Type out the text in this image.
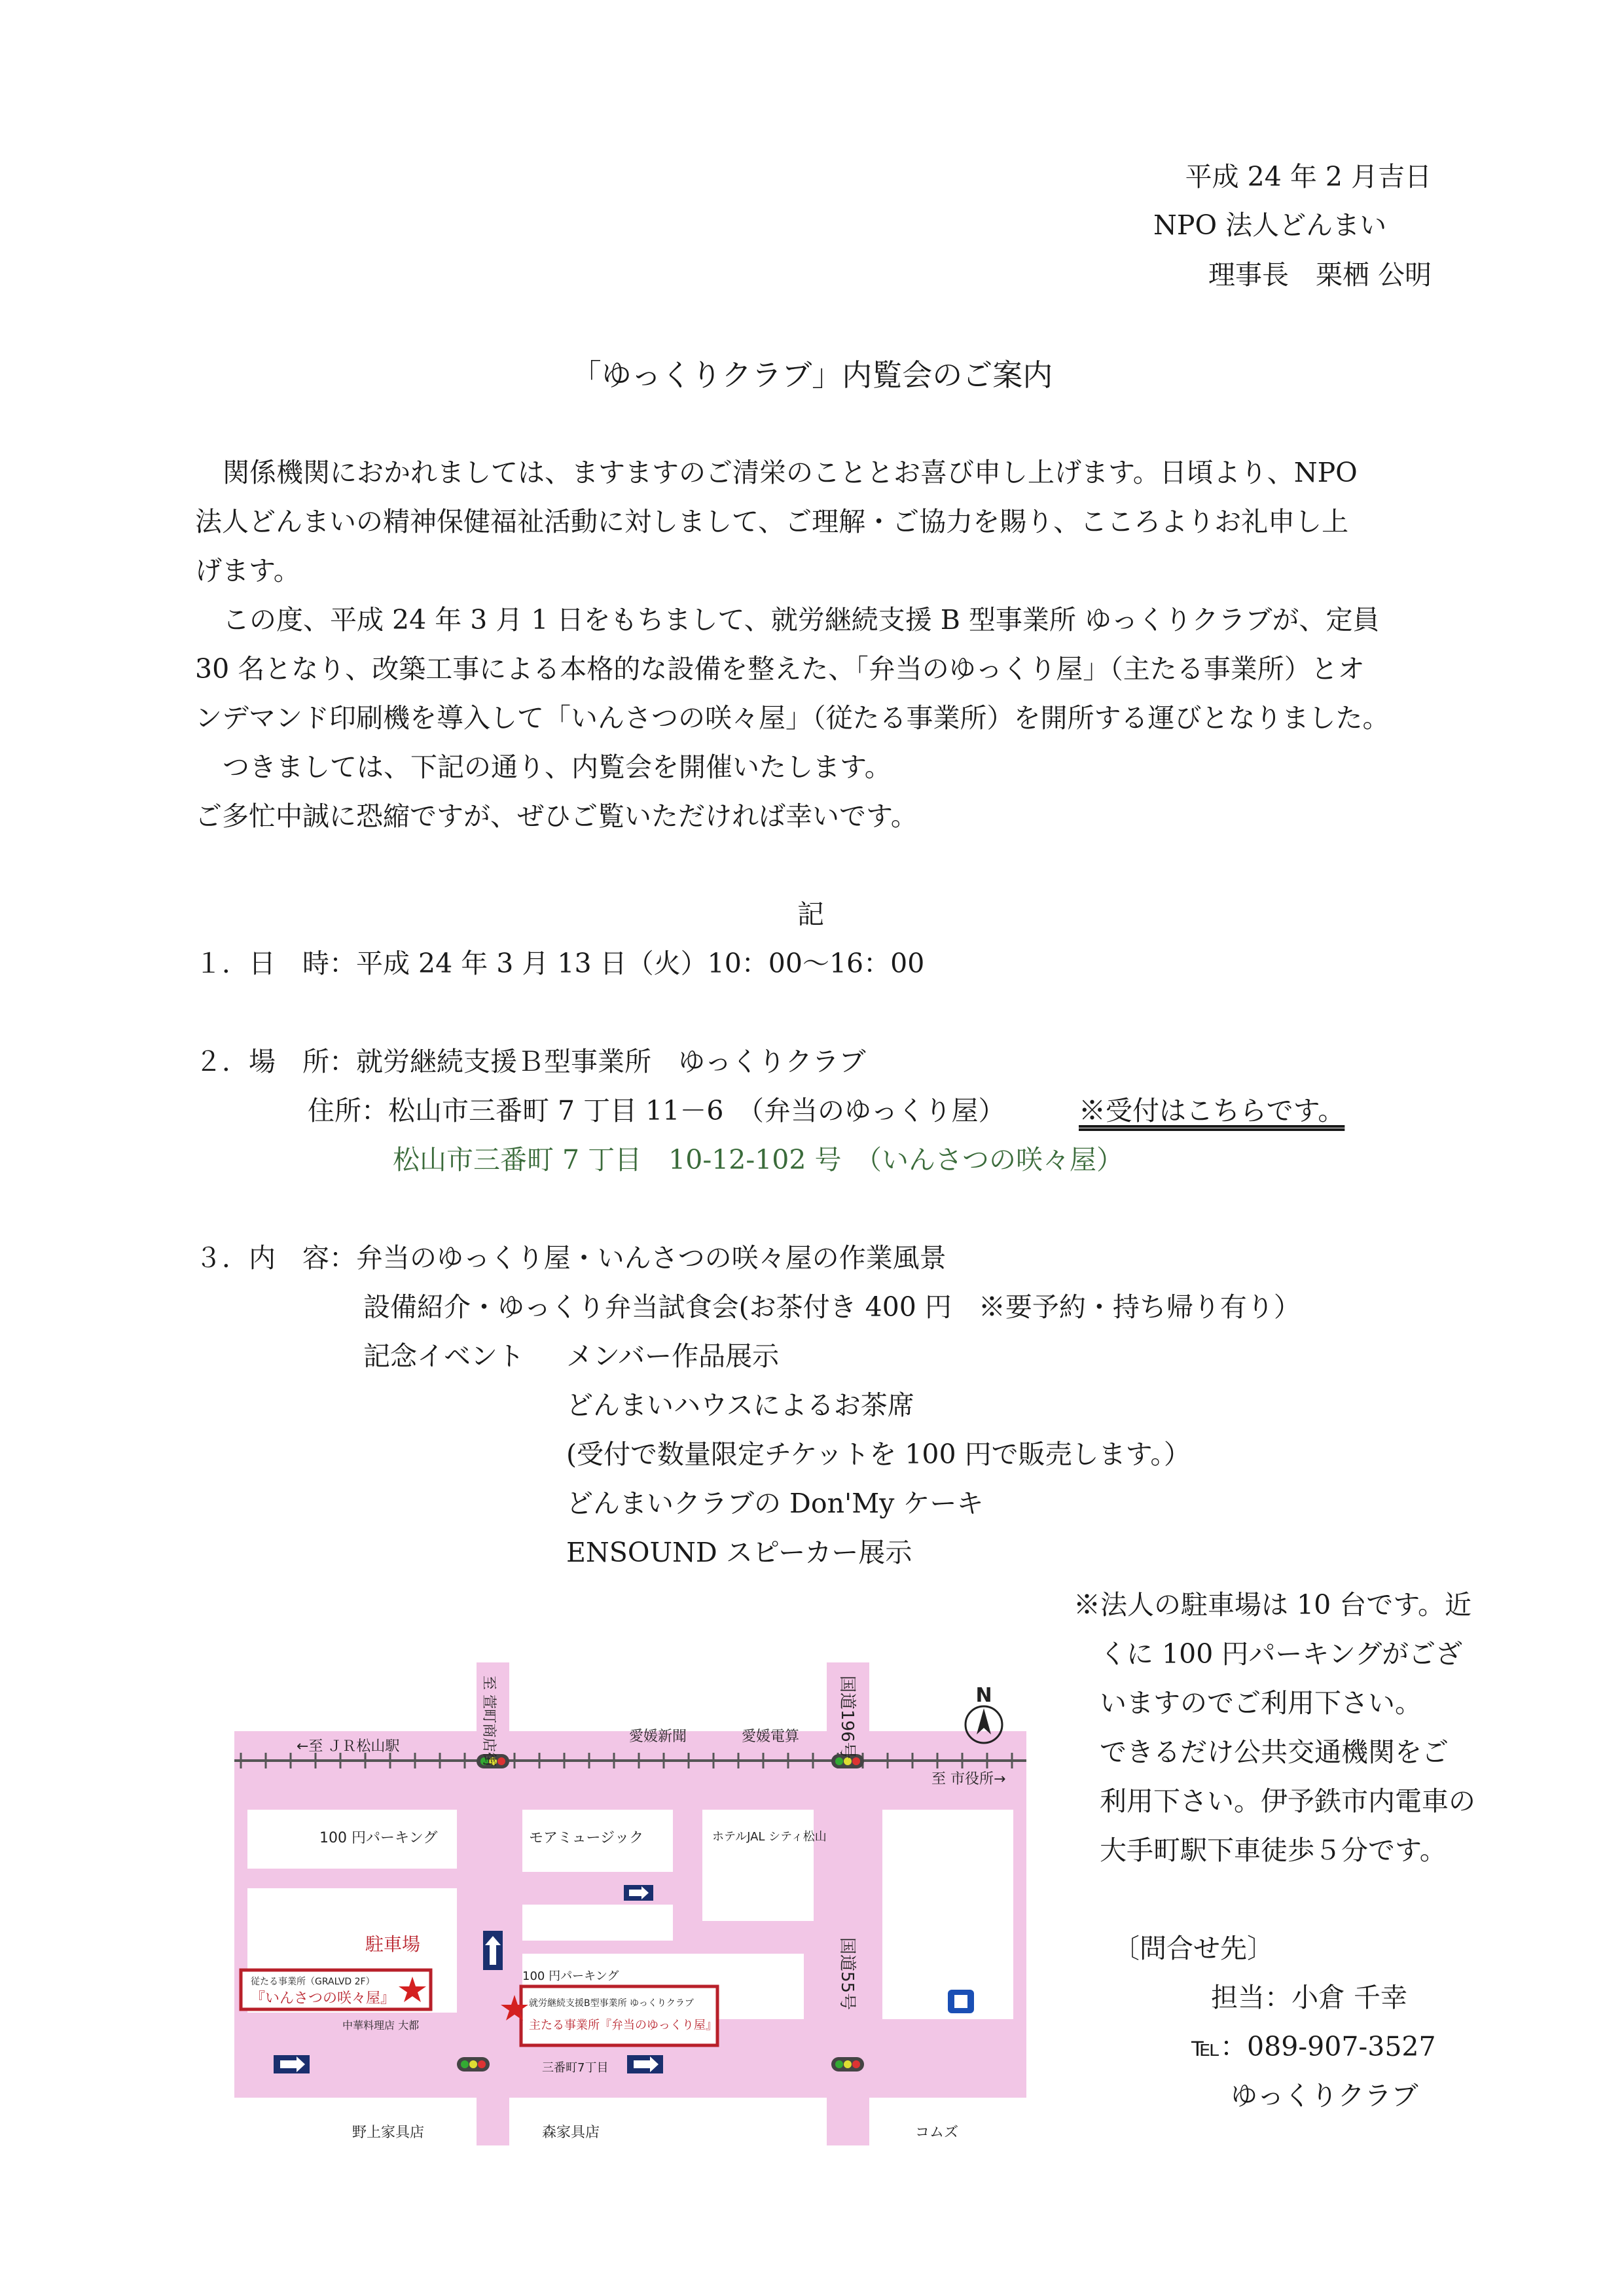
平成 24 年 2 月吉日
NPO 法人どんまい
理事長　栗栖 公明
「ゆっくりクラブ」内覧会のご案内
関係機関におかれましては、ますますのご清栄のこととお喜び申し上げます。日頃より、NPO
法人どんまいの精神保健福祉活動に対しまして、ご理解・ご協力を賜り、こころよりお礼申し上
げます。
この度、平成 24 年 3 月 1 日をもちまして、就労継続支援 B 型事業所 ゆっくりクラブが、定員
30 名となり、改築工事による本格的な設備を整えた、「弁当のゆっくり屋」（主たる事業所）とオ
ンデマンド印刷機を導入して「いんさつの咲々屋」（従たる事業所）を開所する運びとなりました。
つきましては、下記の通り、内覧会を開催いたします。
ご多忙中誠に恐縮ですが、ぜひご覧いただければ幸いです。
記
１．日　時：平成 24 年 3 月 13 日（火）10：00～16：00
２．場　所：就労継続支援Ｂ型事業所　ゆっくりクラブ
住所：松山市三番町 7 丁目 11－6　（弁当のゆっくり屋）	※受付はこちらです。
松山市三番町 7 丁目　10-12-102 号　（いんさつの咲々屋）
３．内　容：弁当のゆっくり屋・いんさつの咲々屋の作業風景
設備紹介・ゆっくり弁当試食会(お茶付き 400 円　※要予約・持ち帰り有り）
記念イベント メンバー作品展示
どんまいハウスによるお茶席
(受付で数量限定チケットを 100 円で販売します。）
どんまいクラブの Don'My ケーキ
ENSOUND スピーカー展示
※法人の駐車場は 10 台です。近
くに 100 円パーキングがござ
いますのでご利用下さい。
できるだけ公共交通機関をご
利用下さい。伊予鉄市内電車の
大手町駅下車徒歩５分です。
〔問合せ先〕
担当：小倉 千幸
℡：089-907-3527
ゆっくりクラブ
N
←至 ＪＲ松山駅
愛媛新聞	愛媛電算
至 市役所→
100 円パーキング	モアミュージック	ホテルJAL シティ松山
駐車場
100 円パーキング
従たる事業所（GRALVD 2F）
『いんさつの咲々屋』	就労継続支援B型事業所 ゆっくりクラブ
主たる事業所『弁当のゆっくり屋』
中華料理店 大都
三番町7丁目
野上家具店	森家具店	コムズ
至 萱町商店街	国道196号
国道55号
